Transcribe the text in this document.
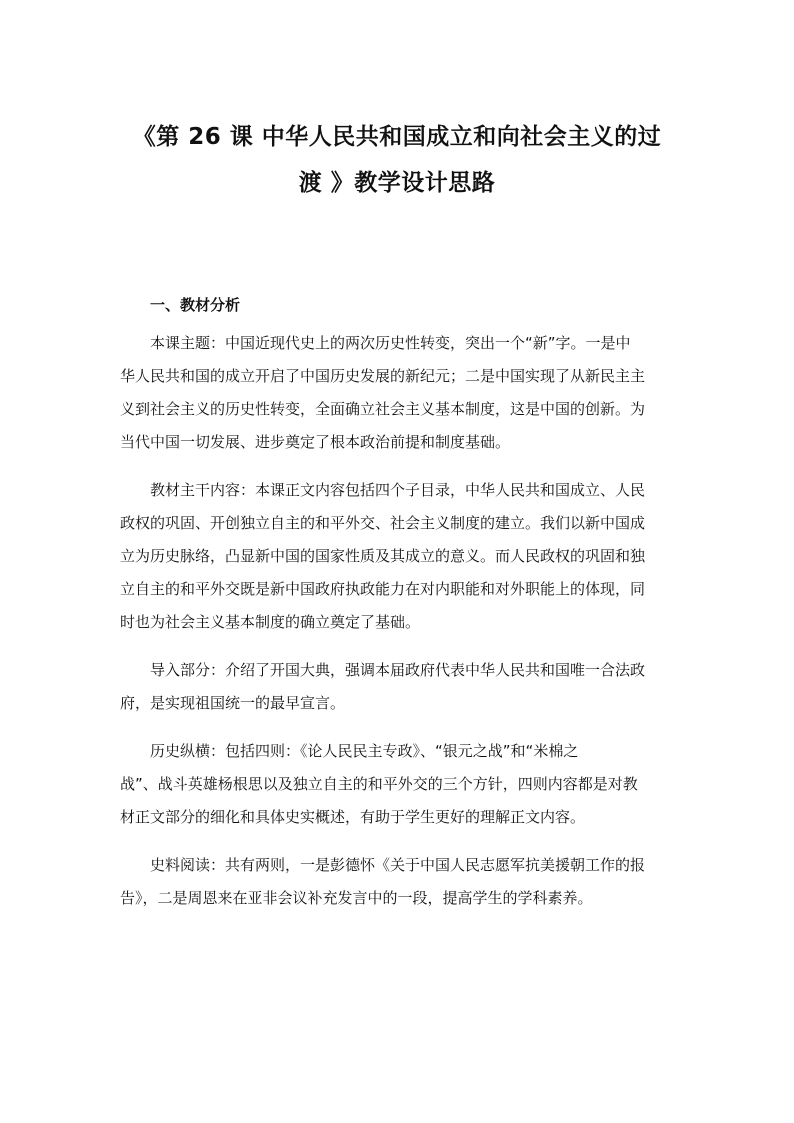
《第 26 课 中华人民共和国成立和向社会主义的过
渡 》教学设计思路
一、教材分析
本课主题：中国近现代史上的两次历史性转变，突出一个“新”字。一是中
华人民共和国的成立开启了中国历史发展的新纪元；二是中国实现了从新民主主
义到社会主义的历史性转变，全面确立社会主义基本制度，这是中国的创新。为
当代中国一切发展、进步奠定了根本政治前提和制度基础。
教材主干内容：本课正文内容包括四个子目录，中华人民共和国成立、人民
政权的巩固、开创独立自主的和平外交、社会主义制度的建立。我们以新中国成
立为历史脉络，凸显新中国的国家性质及其成立的意义。而人民政权的巩固和独
立自主的和平外交既是新中国政府执政能力在对内职能和对外职能上的体现，同
时也为社会主义基本制度的确立奠定了基础。
导入部分：介绍了开国大典，强调本届政府代表中华人民共和国唯一合法政
府，是实现祖国统一的最早宣言。
历史纵横：包括四则：《论人民民主专政》、“银元之战”和“米棉之
战”、战斗英雄杨根思以及独立自主的和平外交的三个方针，四则内容都是对教
材正文部分的细化和具体史实概述，有助于学生更好的理解正文内容。
史料阅读：共有两则，一是彭德怀《关于中国人民志愿军抗美援朝工作的报
告》，二是周恩来在亚非会议补充发言中的一段，提高学生的学科素养。
